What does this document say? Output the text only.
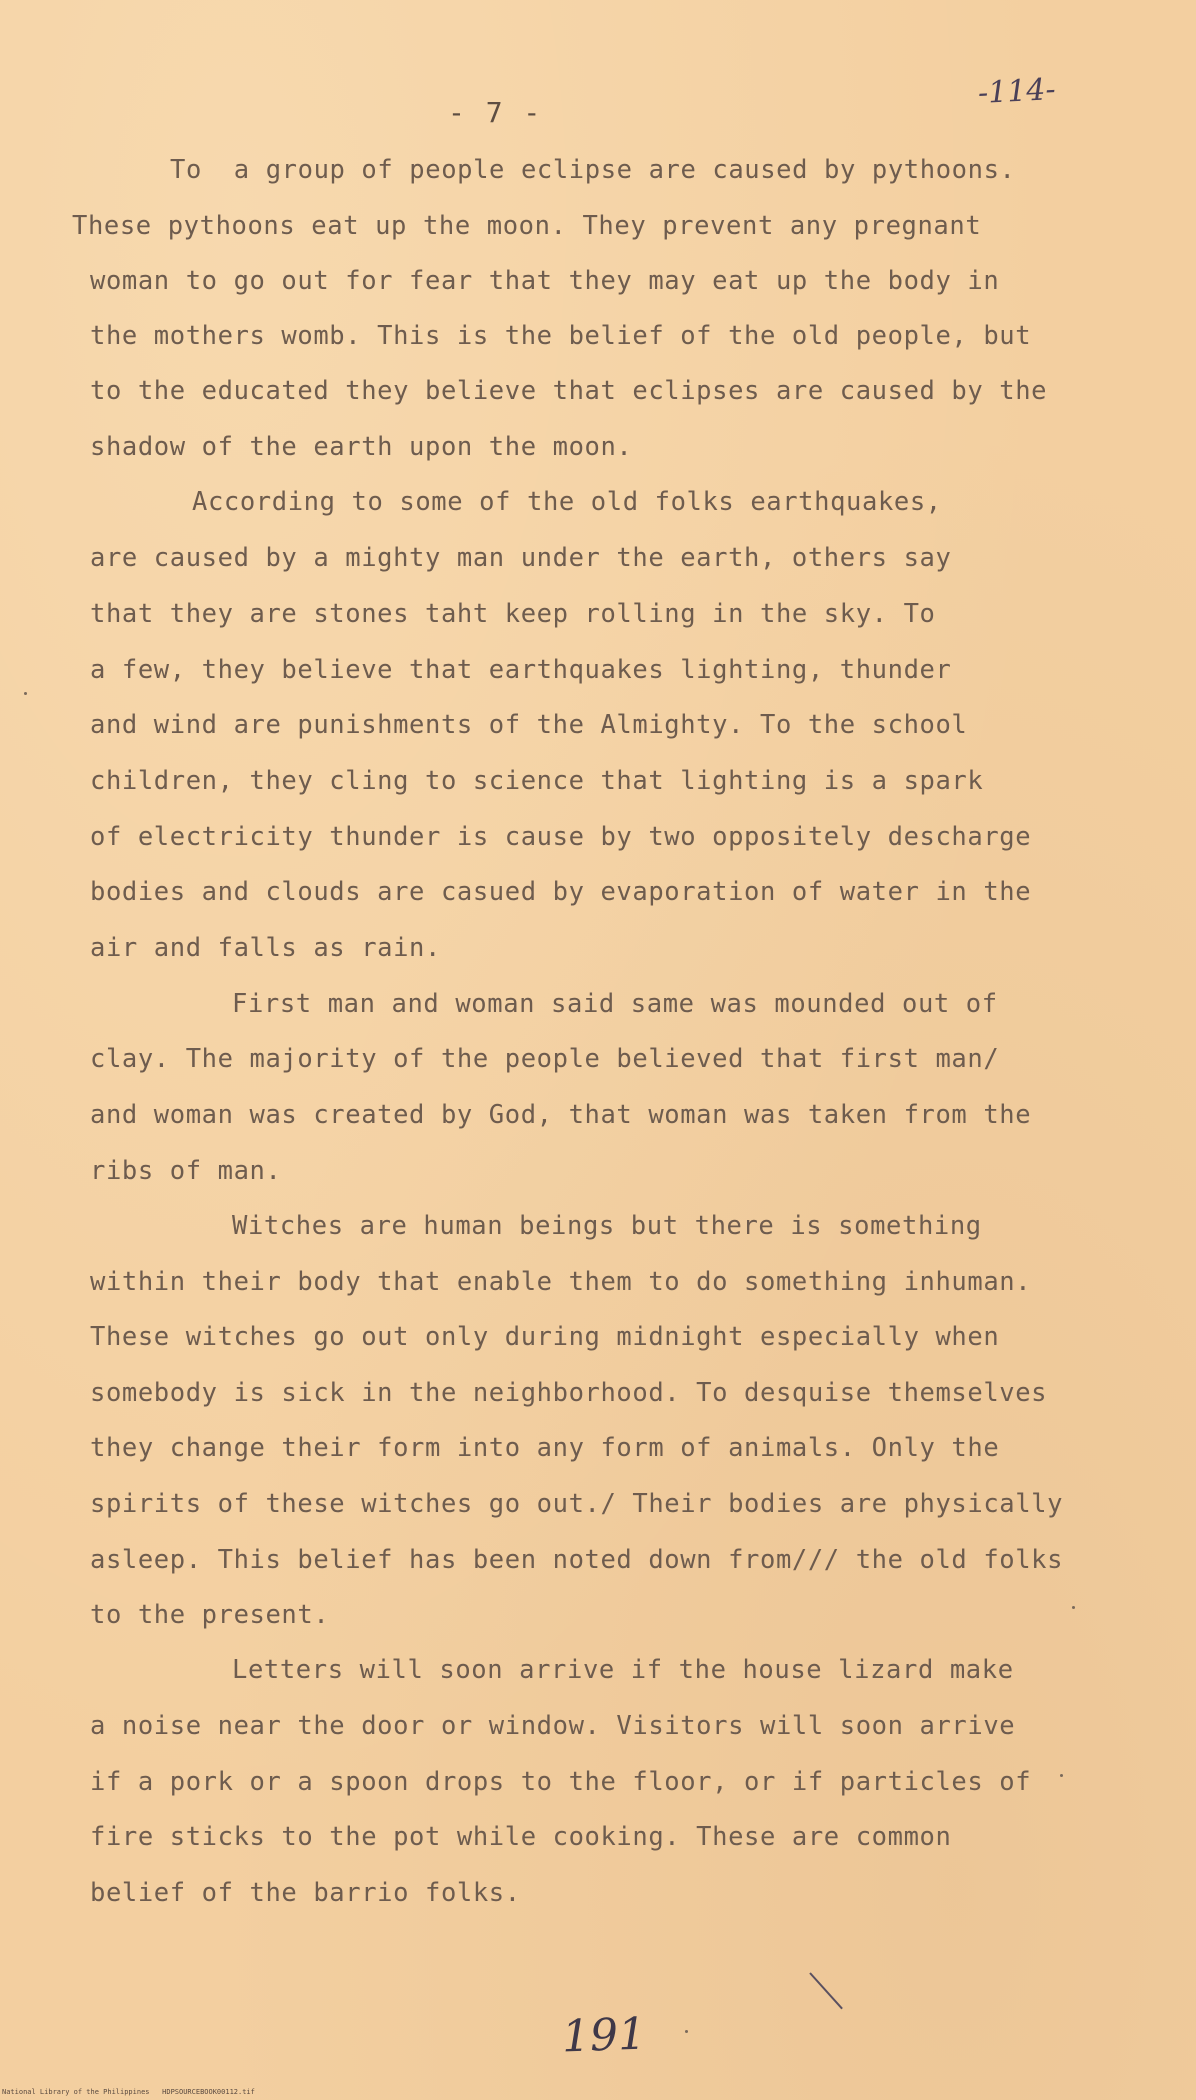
- 7 -
-114-
To  a group of people eclipse are caused by pythoons.
These pythoons eat up the moon. They prevent any pregnant
woman to go out for fear that they may eat up the body in
the mothers womb. This is the belief of the old people, but
to the educated they believe that eclipses are caused by the
shadow of the earth upon the moon.
According to some of the old folks earthquakes,
are caused by a mighty man under the earth, others say
that they are stones taht keep rolling in the sky. To
a few, they believe that earthquakes lighting, thunder
and wind are punishments of the Almighty. To the school
children, they cling to science that lighting is a spark
of electricity thunder is cause by two oppositely descharge
bodies and clouds are casued by evaporation of water in the
air and falls as rain.
First man and woman said same was mounded out of
clay. The majority of the people believed that first man/
and woman was created by God, that woman was taken from the
ribs of man.
Witches are human beings but there is something
within their body that enable them to do something inhuman.
These witches go out only during midnight especially when
somebody is sick in the neighborhood. To desquise themselves
they change their form into any form of animals. Only the
spirits of these witches go out./ Their bodies are physically
asleep. This belief has been noted down from/// the old folks
to the present.
Letters will soon arrive if the house lizard make
a noise near the door or window. Visitors will soon arrive
if a pork or a spoon drops to the floor, or if particles of
fire sticks to the pot while cooking. These are common
belief of the barrio folks.
191
National Library of the Philippines   HDPSOURCEBOOK00112.tif
